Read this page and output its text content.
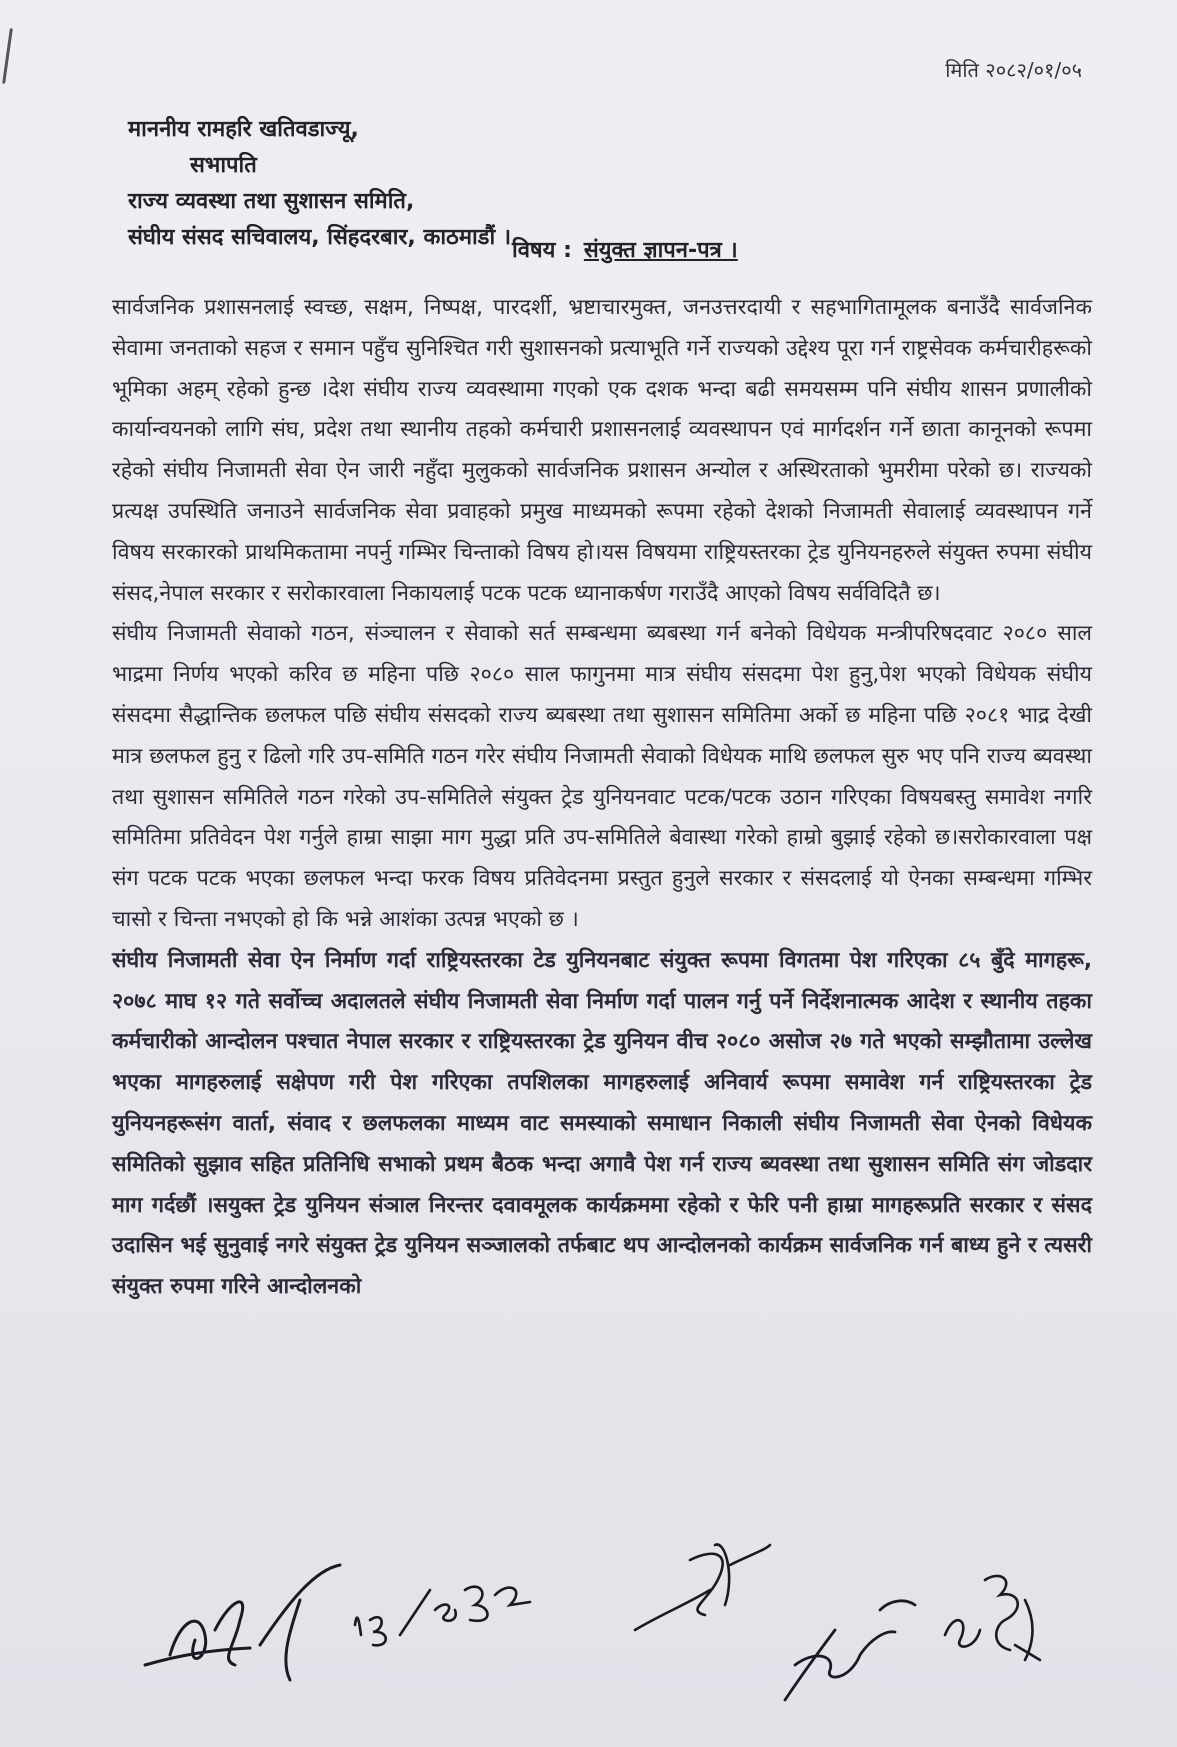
मिति २०८२/०१/०५
माननीय रामहरि खतिवडाज्यू,
सभापति
राज्य व्यवस्था तथा सुशासन समिति,
संघीय संसद सचिवालय, सिंहदरबार, काठमाडौं ।
विषय : संयुक्त ज्ञापन-पत्र ।

सार्वजनिक प्रशासनलाई स्वच्छ, सक्षम, निष्पक्ष, पारदर्शी, भ्रष्टाचारमुक्त, जनउत्तरदायी र सहभागितामूलक बनाउँदै सार्वजनिक सेवामा जनताको सहज र समान पहुँच सुनिश्चित गरी सुशासनको प्रत्याभूति गर्ने राज्यको उद्देश्य पूरा गर्न राष्ट्रसेवक कर्मचारीहरूको भूमिका अहम् रहेको हुन्छ ।देश संघीय राज्य व्यवस्थामा गएको एक दशक भन्दा बढी समयसम्म पनि संघीय शासन प्रणालीको कार्यान्वयनको लागि संघ, प्रदेश तथा स्थानीय तहको कर्मचारी प्रशासनलाई व्यवस्थापन एवं मार्गदर्शन गर्ने छाता कानूनको रूपमा रहेको संघीय निजामती सेवा ऐन जारी नहुँदा मुलुकको सार्वजनिक प्रशासन अन्योल र अस्थिरताको भुमरीमा परेको छ। राज्यको प्रत्यक्ष उपस्थिति जनाउने सार्वजनिक सेवा प्रवाहको प्रमुख माध्यमको रूपमा रहेको देशको निजामती सेवालाई व्यवस्थापन गर्ने विषय सरकारको प्राथमिकतामा नपर्नु गम्भिर चिन्ताको विषय हो।यस विषयमा राष्ट्रियस्तरका ट्रेड युनियनहरुले संयुक्त रुपमा संघीय संसद,नेपाल सरकार र सरोकारवाला निकायलाई पटक पटक ध्यानाकर्षण गराउँदै आएको विषय सर्वविदितै छ।

संघीय निजामती सेवाको गठन, संञ्चालन र सेवाको सर्त सम्बन्धमा ब्यबस्था गर्न बनेको विधेयक मन्त्रीपरिषदवाट २०८० साल भाद्रमा निर्णय भएको करिव छ महिना पछि २०८० साल फागुनमा मात्र संघीय संसदमा पेश हुनु,पेश भएको विधेयक संघीय संसदमा सैद्धान्तिक छलफल पछि संघीय संसदको राज्य ब्यबस्था तथा सुशासन समितिमा अर्को छ महिना पछि २०८१ भाद्र देखी मात्र छलफल हुनु र ढिलो गरि उप-समिति गठन गरेर संघीय निजामती सेवाको विधेयक माथि छलफल सुरु भए पनि राज्य ब्यवस्था तथा सुशासन समितिले गठन गरेको उप-समितिले संयुक्त ट्रेड युनियनवाट पटक/पटक उठान गरिएका विषयबस्तु समावेश नगरि समितिमा प्रतिवेदन पेश गर्नुले हाम्रा साझा माग मुद्धा प्रति उप-समितिले बेवास्था गरेको हाम्रो बुझाई रहेको छ।सरोकारवाला पक्ष संग पटक पटक भएका छलफल भन्दा फरक विषय प्रतिवेदनमा प्रस्तुत हुनुले सरकार र संसदलाई यो ऐनका सम्बन्धमा गम्भिर चासो र चिन्ता नभएको हो कि भन्ने आशंका उत्पन्न भएको छ ।

संघीय निजामती सेवा ऐन निर्माण गर्दा राष्ट्रियस्तरका टेड युनियनबाट संयुक्त रूपमा विगतमा पेश गरिएका ८५ बुँदे मागहरू, २०७८ माघ १२ गते सर्वोच्च अदालतले संघीय निजामती सेवा निर्माण गर्दा पालन गर्नु पर्ने निर्देशनात्मक आदेश र स्थानीय तहका कर्मचारीको आन्दोलन पश्चात नेपाल सरकार र राष्ट्रियस्तरका ट्रेड युनियन वीच २०८० असोज २७ गते भएको सम्झौतामा उल्लेख भएका मागहरुलाई सक्षेपण गरी पेश गरिएका तपशिलका मागहरुलाई अनिवार्य रूपमा समावेश गर्न राष्ट्रियस्तरका ट्रेड युनियनहरूसंग वार्ता, संवाद र छलफलका माध्यम वाट समस्याको समाधान निकाली संघीय निजामती सेवा ऐनको विधेयक समितिको सुझाव सहित प्रतिनिधि सभाको प्रथम बैठक भन्दा अगावै पेश गर्न राज्य ब्यवस्था तथा सुशासन समिति संग जोडदार माग गर्दछौं ।सयुक्त ट्रेड युनियन संञाल निरन्तर दवावमूलक कार्यक्रममा रहेको र फेरि पनी हाम्रा मागहरूप्रति सरकार र संसद उदासिन भई सुनुवाई नगरे संयुक्त ट्रेड युनियन सञ्जालको तर्फबाट थप आन्दोलनको कार्यक्रम सार्वजनिक गर्न बाध्य हुने र त्यसरी संयुक्त रुपमा गरिने आन्दोलनको
